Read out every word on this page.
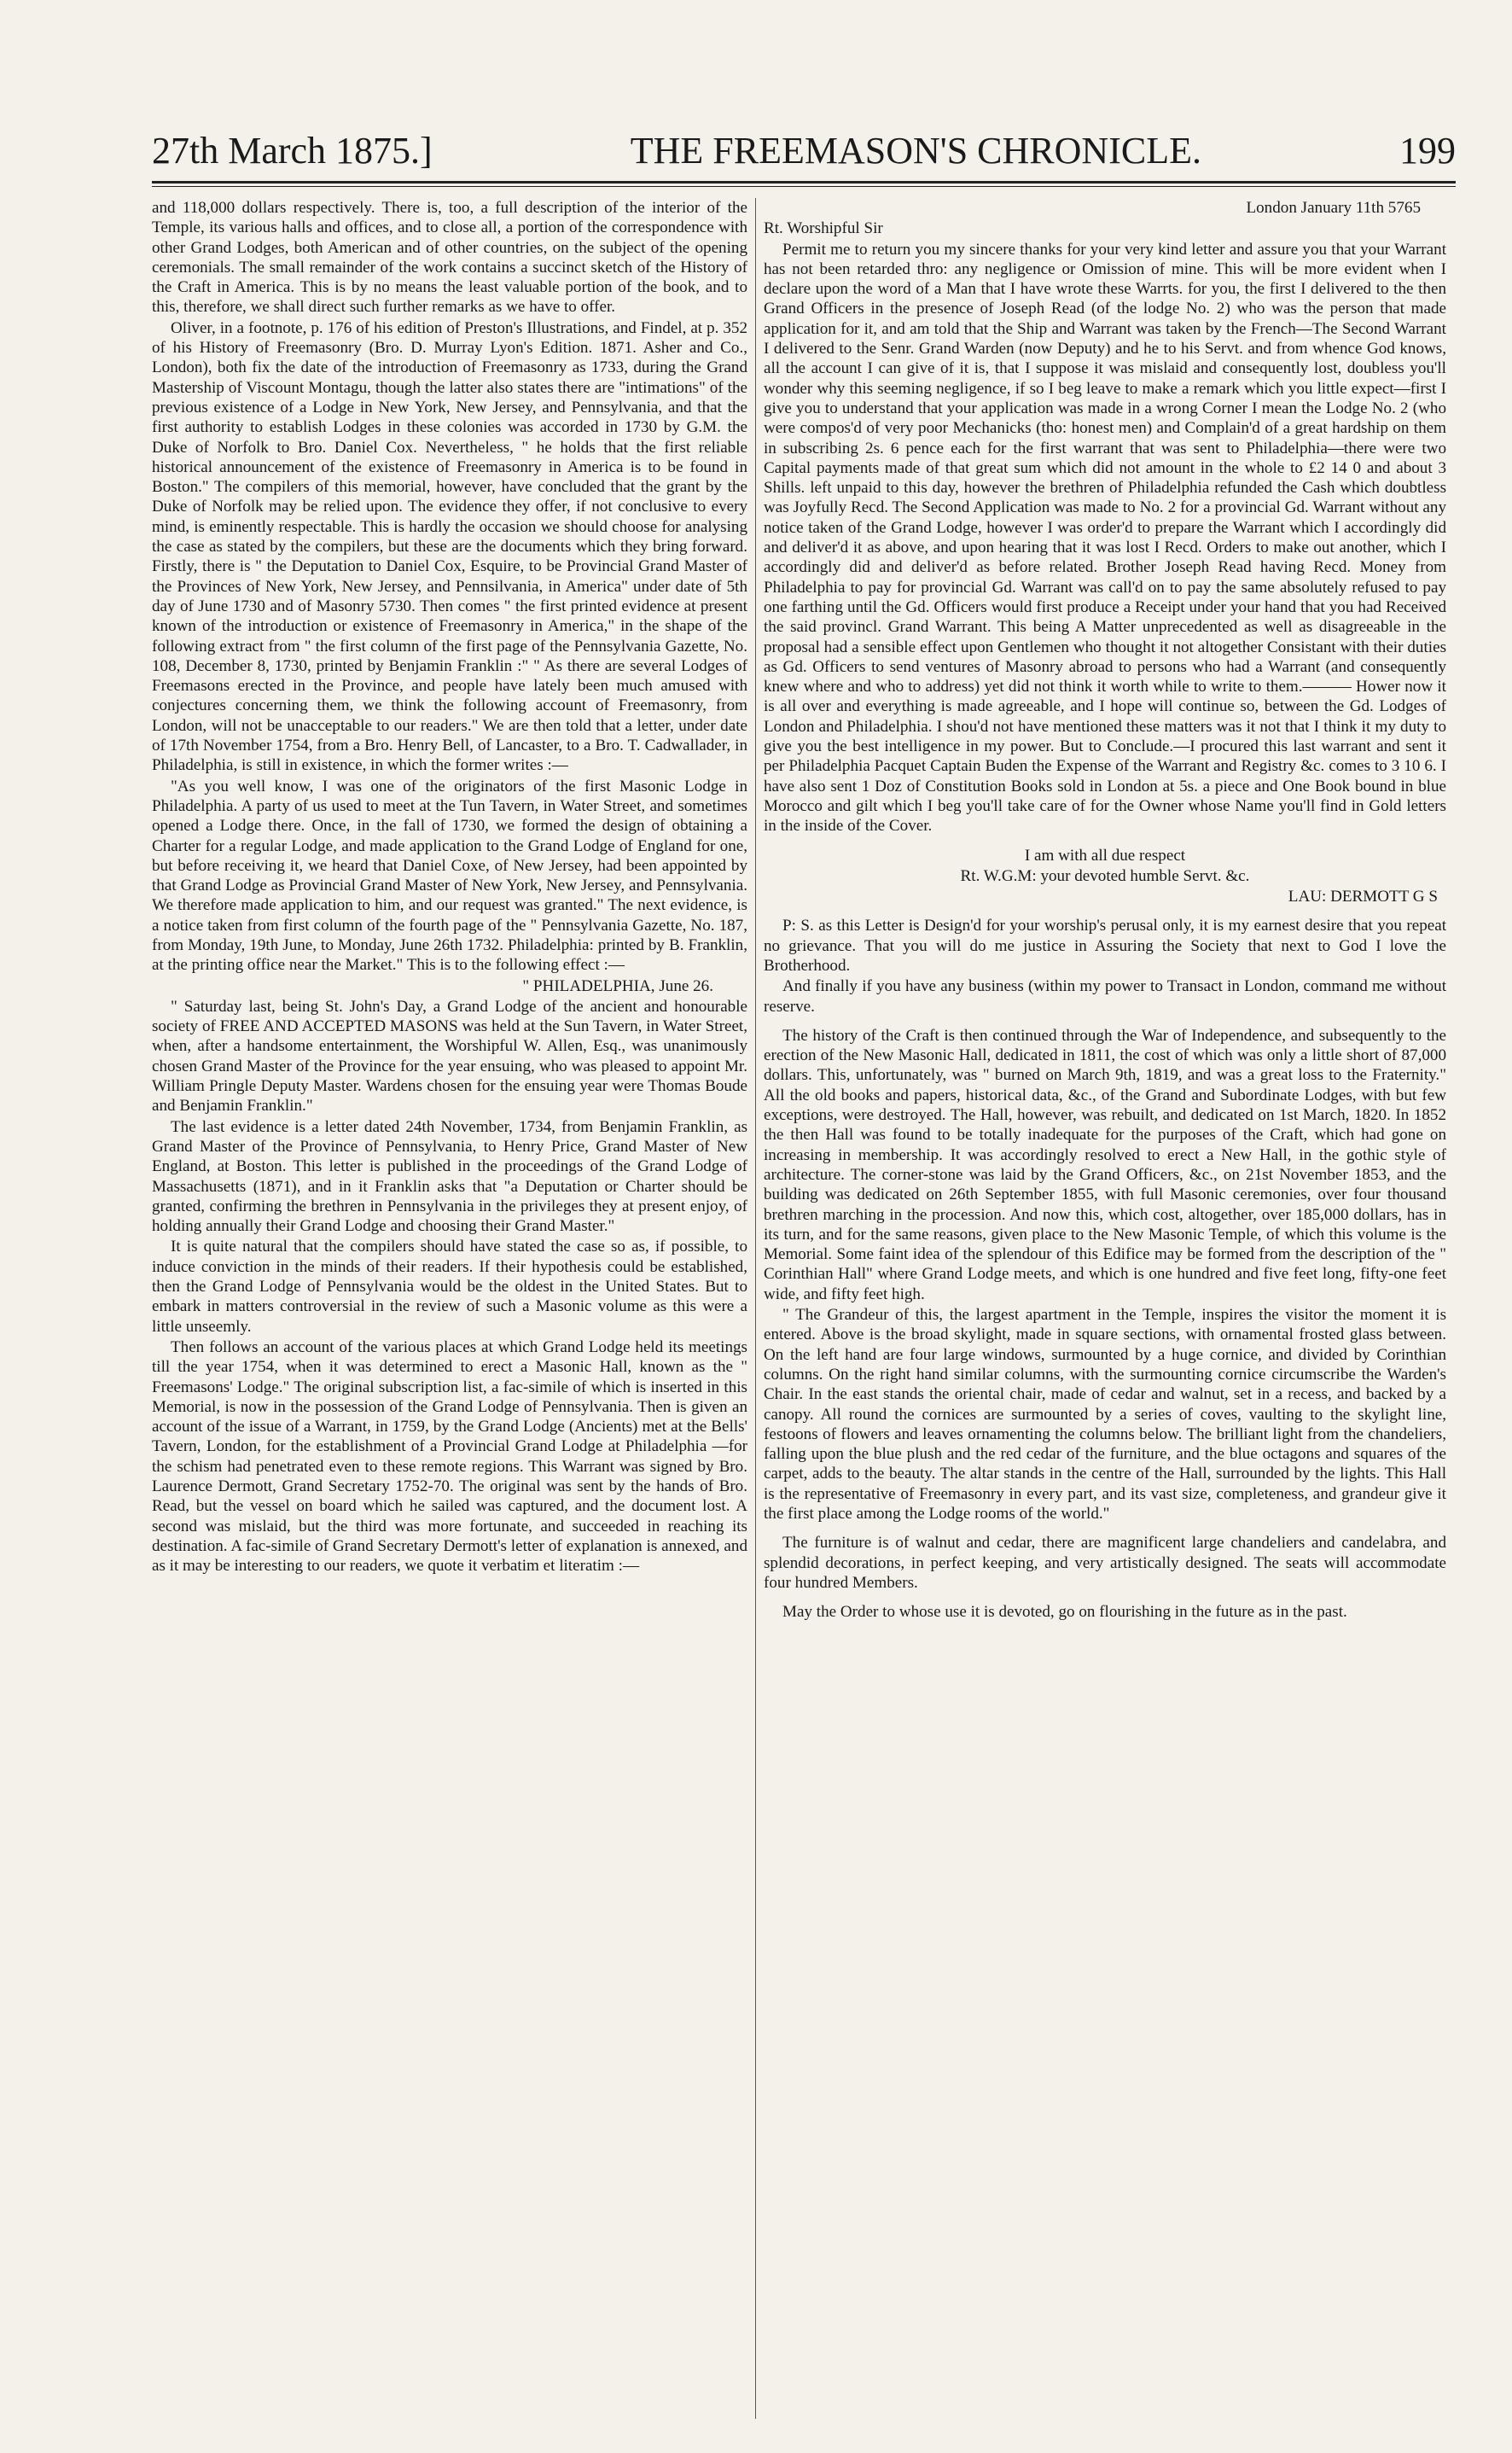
27th March 1875.]	THE FREEMASON'S CHRONICLE.	199

and 118,000 dollars respectively. There is, too, a full description of the interior of the Temple, its various halls and offices, and to close all, a portion of the correspondence with other Grand Lodges, both American and of other countries, on the subject of the opening ceremonials. The small remainder of the work contains a succinct sketch of the History of the Craft in America. This is by no means the least valuable portion of the book, and to this, therefore, we shall direct such further remarks as we have to offer.

Oliver, in a footnote, p. 176 of his edition of Preston's Illustrations, and Findel, at p. 352 of his History of Freemasonry (Bro. D. Murray Lyon's Edition. 1871. Asher and Co., London), both fix the date of the introduction of Freemasonry as 1733, during the Grand Mastership of Viscount Montagu, though the latter also states there are "intimations" of the previous existence of a Lodge in New York, New Jersey, and Pennsylvania, and that the first authority to establish Lodges in these colonies was accorded in 1730 by G.M. the Duke of Norfolk to Bro. Daniel Cox. Nevertheless, " he holds that the first reliable historical announcement of the existence of Freemasonry in America is to be found in Boston." The compilers of this memorial, however, have concluded that the grant by the Duke of Norfolk may be relied upon. The evidence they offer, if not conclusive to every mind, is eminently respectable. This is hardly the occasion we should choose for analysing the case as stated by the compilers, but these are the documents which they bring forward. Firstly, there is " the Deputation to Daniel Cox, Esquire, to be Provincial Grand Master of the Provinces of New York, New Jersey, and Pennsilvania, in America" under date of 5th day of June 1730 and of Masonry 5730. Then comes " the first printed evidence at present known of the introduction or existence of Freemasonry in America," in the shape of the following extract from " the first column of the first page of the Pennsylvania Gazette, No. 108, December 8, 1730, printed by Benjamin Franklin :" " As there are several Lodges of Freemasons erected in the Province, and people have lately been much amused with conjectures concerning them, we think the following account of Freemasonry, from London, will not be unacceptable to our readers." We are then told that a letter, under date of 17th November 1754, from a Bro. Henry Bell, of Lancaster, to a Bro. T. Cadwallader, in Philadelphia, is still in existence, in which the former writes :—

"As you well know, I was one of the originators of the first Masonic Lodge in Philadelphia. A party of us used to meet at the Tun Tavern, in Water Street, and sometimes opened a Lodge there. Once, in the fall of 1730, we formed the design of obtaining a Charter for a regular Lodge, and made application to the Grand Lodge of England for one, but before receiving it, we heard that Daniel Coxe, of New Jersey, had been appointed by that Grand Lodge as Provincial Grand Master of New York, New Jersey, and Pennsylvania. We therefore made application to him, and our request was granted." The next evidence, is a notice taken from first column of the fourth page of the " Pennsylvania Gazette, No. 187, from Monday, 19th June, to Monday, June 26th 1732. Philadelphia: printed by B. Franklin, at the printing office near the Market." This is to the following effect :—

" PHILADELPHIA, June 26.

" Saturday last, being St. John's Day, a Grand Lodge of the ancient and honourable society of FREE AND ACCEPTED MASONS was held at the Sun Tavern, in Water Street, when, after a handsome entertainment, the Worshipful W. Allen, Esq., was unanimously chosen Grand Master of the Province for the year ensuing, who was pleased to appoint Mr. William Pringle Deputy Master. Wardens chosen for the ensuing year were Thomas Boude and Benjamin Franklin."

The last evidence is a letter dated 24th November, 1734, from Benjamin Franklin, as Grand Master of the Province of Pennsylvania, to Henry Price, Grand Master of New England, at Boston. This letter is published in the proceedings of the Grand Lodge of Massachusetts (1871), and in it Franklin asks that "a Deputation or Charter should be granted, confirming the brethren in Pennsylvania in the privileges they at present enjoy, of holding annually their Grand Lodge and choosing their Grand Master."

It is quite natural that the compilers should have stated the case so as, if possible, to induce conviction in the minds of their readers. If their hypothesis could be established, then the Grand Lodge of Pennsylvania would be the oldest in the United States. But to embark in matters controversial in the review of such a Masonic volume as this were a little unseemly.

Then follows an account of the various places at which Grand Lodge held its meetings till the year 1754, when it was determined to erect a Masonic Hall, known as the " Freemasons' Lodge." The original subscription list, a fac-simile of which is inserted in this Memorial, is now in the possession of the Grand Lodge of Pennsylvania. Then is given an account of the issue of a Warrant, in 1759, by the Grand Lodge (Ancients) met at the Bells' Tavern, London, for the establishment of a Provincial Grand Lodge at Philadelphia —for the schism had penetrated even to these remote regions. This Warrant was signed by Bro. Laurence Dermott, Grand Secretary 1752-70. The original was sent by the hands of Bro. Read, but the vessel on board which he sailed was captured, and the document lost. A second was mislaid, but the third was more fortunate, and succeeded in reaching its destination. A fac-simile of Grand Secretary Dermott's letter of explanation is annexed, and as it may be interesting to our readers, we quote it verbatim et literatim :—

London January 11th 5765

Rt. Worshipful Sir

Permit me to return you my sincere thanks for your very kind letter and assure you that your Warrant has not been retarded thro: any negligence or Omission of mine. This will be more evident when I declare upon the word of a Man that I have wrote these Warrts. for you, the first I delivered to the then Grand Officers in the presence of Joseph Read (of the lodge No. 2) who was the person that made application for it, and am told that the Ship and Warrant was taken by the French—The Second Warrant I delivered to the Senr. Grand Warden (now Deputy) and he to his Servt. and from whence God knows, all the account I can give of it is, that I suppose it was mislaid and consequently lost, doubless you'll wonder why this seeming negligence, if so I beg leave to make a remark which you little expect—first I give you to understand that your application was made in a wrong Corner I mean the Lodge No. 2 (who were compos'd of very poor Mechanicks (tho: honest men) and Complain'd of a great hardship on them in subscribing 2s. 6 pence each for the first warrant that was sent to Philadelphia—there were two Capital payments made of that great sum which did not amount in the whole to £2 14 0 and about 3 Shills. left unpaid to this day, however the brethren of Philadelphia refunded the Cash which doubtless was Joyfully Recd. The Second Application was made to No. 2 for a provincial Gd. Warrant without any notice taken of the Grand Lodge, however I was order'd to prepare the Warrant which I accordingly did and deliver'd it as above, and upon hearing that it was lost I Recd. Orders to make out another, which I accordingly did and deliver'd as before related. Brother Joseph Read having Recd. Money from Philadelphia to pay for provincial Gd. Warrant was call'd on to pay the same absolutely refused to pay one farthing until the Gd. Officers would first produce a Receipt under your hand that you had Received the said provincl. Grand Warrant. This being A Matter unprecedented as well as disagreeable in the proposal had a sensible effect upon Gentlemen who thought it not altogether Consistant with their duties as Gd. Officers to send ventures of Masonry abroad to persons who had a Warrant (and consequently knew where and who to address) yet did not think it worth while to write to them.——— Hower now it is all over and everything is made agreeable, and I hope will continue so, between the Gd. Lodges of London and Philadelphia. I shou'd not have mentioned these matters was it not that I think it my duty to give you the best intelligence in my power. But to Conclude.—I procured this last warrant and sent it per Philadelphia Pacquet Captain Buden the Expense of the Warrant and Registry &c. comes to 3 10 6. I have also sent 1 Doz of Constitution Books sold in London at 5s. a piece and One Book bound in blue Morocco and gilt which I beg you'll take care of for the Owner whose Name you'll find in Gold letters in the inside of the Cover.

I am with all due respect

Rt. W.G.M: your devoted humble Servt. &c.

LAU: DERMOTT G S

P: S. as this Letter is Design'd for your worship's perusal only, it is my earnest desire that you repeat no grievance. That you will do me justice in Assuring the Society that next to God I love the Brotherhood.

And finally if you have any business (within my power to Transact in London, command me without reserve.

The history of the Craft is then continued through the War of Independence, and subsequently to the erection of the New Masonic Hall, dedicated in 1811, the cost of which was only a little short of 87,000 dollars. This, unfortunately, was " burned on March 9th, 1819, and was a great loss to the Fraternity." All the old books and papers, historical data, &c., of the Grand and Subordinate Lodges, with but few exceptions, were destroyed. The Hall, however, was rebuilt, and dedicated on 1st March, 1820. In 1852 the then Hall was found to be totally inadequate for the purposes of the Craft, which had gone on increasing in membership. It was accordingly resolved to erect a New Hall, in the gothic style of architecture. The corner-stone was laid by the Grand Officers, &c., on 21st November 1853, and the building was dedicated on 26th September 1855, with full Masonic ceremonies, over four thousand brethren marching in the procession. And now this, which cost, altogether, over 185,000 dollars, has in its turn, and for the same reasons, given place to the New Masonic Temple, of which this volume is the Memorial. Some faint idea of the splendour of this Edifice may be formed from the description of the " Corinthian Hall" where Grand Lodge meets, and which is one hundred and five feet long, fifty-one feet wide, and fifty feet high.

" The Grandeur of this, the largest apartment in the Temple, inspires the visitor the moment it is entered. Above is the broad skylight, made in square sections, with ornamental frosted glass between. On the left hand are four large windows, surmounted by a huge cornice, and divided by Corinthian columns. On the right hand similar columns, with the surmounting cornice circumscribe the Warden's Chair. In the east stands the oriental chair, made of cedar and walnut, set in a recess, and backed by a canopy. All round the cornices are surmounted by a series of coves, vaulting to the skylight line, festoons of flowers and leaves ornamenting the columns below. The brilliant light from the chandeliers, falling upon the blue plush and the red cedar of the furniture, and the blue octagons and squares of the carpet, adds to the beauty. The altar stands in the centre of the Hall, surrounded by the lights. This Hall is the representative of Freemasonry in every part, and its vast size, completeness, and grandeur give it the first place among the Lodge rooms of the world."

The furniture is of walnut and cedar, there are magnificent large chandeliers and candelabra, and splendid decorations, in perfect keeping, and very artistically designed. The seats will accommodate four hundred Members.

May the Order to whose use it is devoted, go on flourishing in the future as in the past.
